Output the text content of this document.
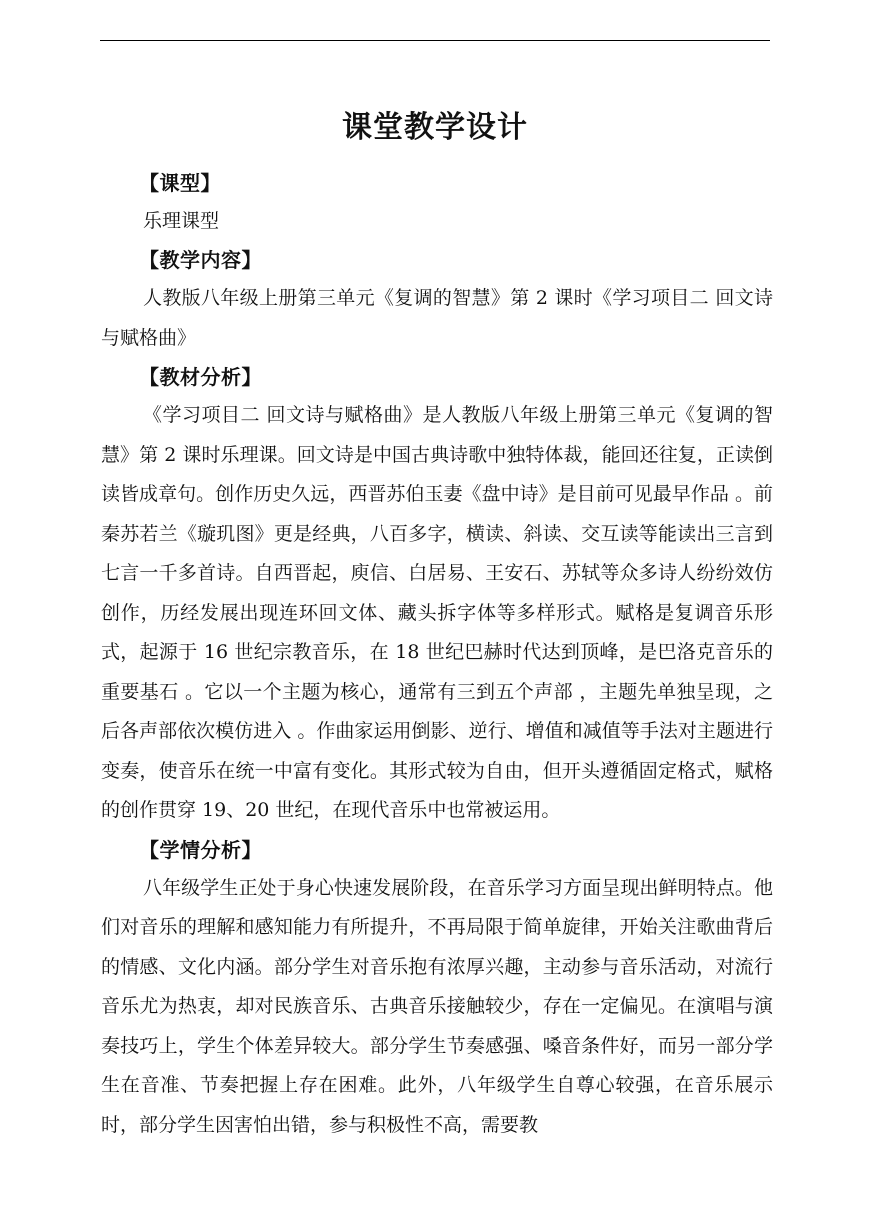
课堂教学设计
【课型】

乐理课型

【教学内容】

人教版八年级上册第三单元《复调的智慧》第 2 课时《学习项目二 回文诗与赋格曲》

【教材分析】

《学习项目二 回文诗与赋格曲》是人教版八年级上册第三单元《复调的智慧》第 2 课时乐理课。回文诗是中国古典诗歌中独特体裁，能回还往复，正读倒读皆成章句。创作历史久远，西晋苏伯玉妻《盘中诗》是目前可见最早作品 。前秦苏若兰《璇玑图》更是经典，八百多字，横读、斜读、交互读等能读出三言到七言一千多首诗。自西晋起，庾信、白居易、王安石、苏轼等众多诗人纷纷效仿创作，历经发展出现连环回文体、藏头拆字体等多样形式。赋格是复调音乐形式，起源于 16 世纪宗教音乐，在 18 世纪巴赫时代达到顶峰，是巴洛克音乐的重要基石 。它以一个主题为核心，通常有三到五个声部 ，主题先单独呈现，之后各声部依次模仿进入 。作曲家运用倒影、逆行、增值和减值等手法对主题进行变奏，使音乐在统一中富有变化。其形式较为自由，但开头遵循固定格式，赋格的创作贯穿 19、20 世纪，在现代音乐中也常被运用。

【学情分析】

八年级学生正处于身心快速发展阶段，在音乐学习方面呈现出鲜明特点。他们对音乐的理解和感知能力有所提升，不再局限于简单旋律，开始关注歌曲背后的情感、文化内涵。部分学生对音乐抱有浓厚兴趣，主动参与音乐活动，对流行音乐尤为热衷，却对民族音乐、古典音乐接触较少，存在一定偏见。在演唱与演奏技巧上，学生个体差异较大。部分学生节奏感强、嗓音条件好，而另一部分学生在音准、节奏把握上存在困难。此外，八年级学生自尊心较强，在音乐展示时，部分学生因害怕出错，参与积极性不高，需要教
